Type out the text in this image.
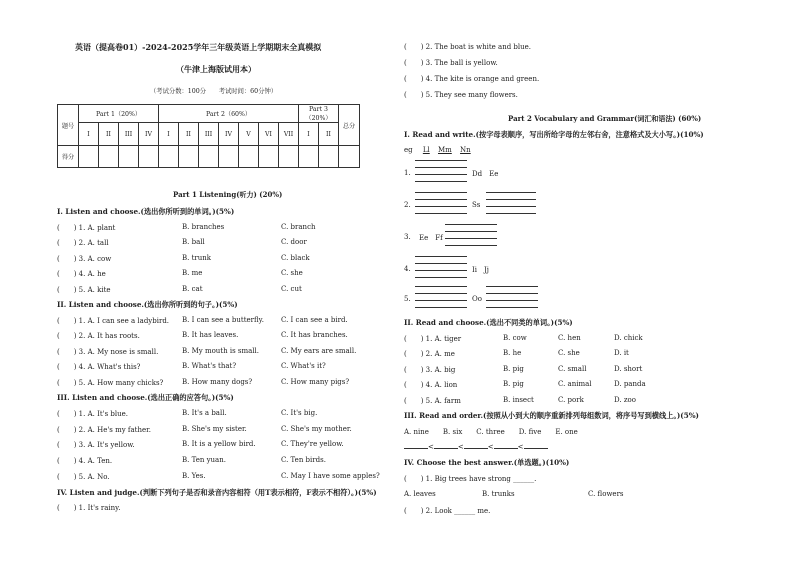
英语（提高卷01）-2024-2025学年三年级英语上学期期末全真模拟
（牛津上海版试用本）
（考试分数：100分　　考试时间：60分钟）
题号	Part 1（20%）				Part 2（60%）							Part 3（20%）		总分
	I	II	III	IV	I	II	III	IV	V	VI	VII	I	II	
得分														
Part 1 Listening(听力) (20%)
I. Listen and choose.(选出你所听到的单词。)(5%)
(　　) 1. A. plant	B. branches	C. branch
(　　) 2. A. tall	B. ball	C. door
(　　) 3. A. cow	B. trunk	C. black
(　　) 4. A. he	B. me	C. she
(　　) 5. A. kite	B. cat	C. cut
II. Listen and choose.(选出你所听到的句子。)(5%)
(　　) 1. A. I can see a ladybird. B. I can see a butterfly. C. I can see a bird.
(　　) 2. A. It has roots.	B. It has leaves.	C. It has branches.
(　　) 3. A. My nose is small.	B. My mouth is small.	C. My ears are small.
(　　) 4. A. What's this?	B. What's that?	C. What's it?
(　　) 5. A. How many chicks?	B. How many dogs?	C. How many pigs?
III. Listen and choose.(选出正确的应答句。)(5%)
(　　) 1. A. It's blue.	B. It's a ball.	C. It's big.
(　　) 2. A. He's my father.	B. She's my sister.	C. She's my mother.
(　　) 3. A. It's yellow.	B. It is a yellow bird.	C. They're yellow.
(　　) 4. A. Ten.	B. Ten yuan.	C. Ten birds.
(　　) 5. A. No.	B. Yes.	C. May I have some apples?
IV. Listen and judge.(判断下列句子是否和录音内容相符（用T表示相符，F表示不相符）。)(5%)
(　　) 1. It's rainy.
(　　) 2. The boat is white and blue.
(　　) 3. The ball is yellow.
(　　) 4. The kite is orange and green.
(　　) 5. They see many flowers.
Part 2 Vocabulary and Grammar(词汇和语法) (60%)
I. Read and write.(按字母表顺序，写出所给字母的左邻右舍，注意格式及大小写。)(10%)
eg Ll Mm Nn
1.	Dd　Ee
2.	Ss
3. Ee　Ff
4.	Ii　Jj
5.	Oo
II. Read and choose.(选出不同类的单词。)(5%)
(　　) 1. A. tiger	B. cow	C. hen	D. chick
(　　) 2. A. me	B. he	C. she	D. it
(　　) 3. A. big	B. pig	C. small	D. short
(　　) 4. A. lion	B. pig	C. animal	D. panda
(　　) 5. A. farm	B. insect	C. pork	D. zoo
III. Read and order.(按照从小到大的顺序重新排列每组数词，将序号写到横线上。)(5%)
A. nine　　B. six　　C. three　　D. five　　E. one
<	<	<	<
IV. Choose the best answer.(单选题。)(10%)
(　　) 1. Big trees have strong ______.
A. leaves	B. trunks	C. flowers
(　　) 2. Look ______ me.
